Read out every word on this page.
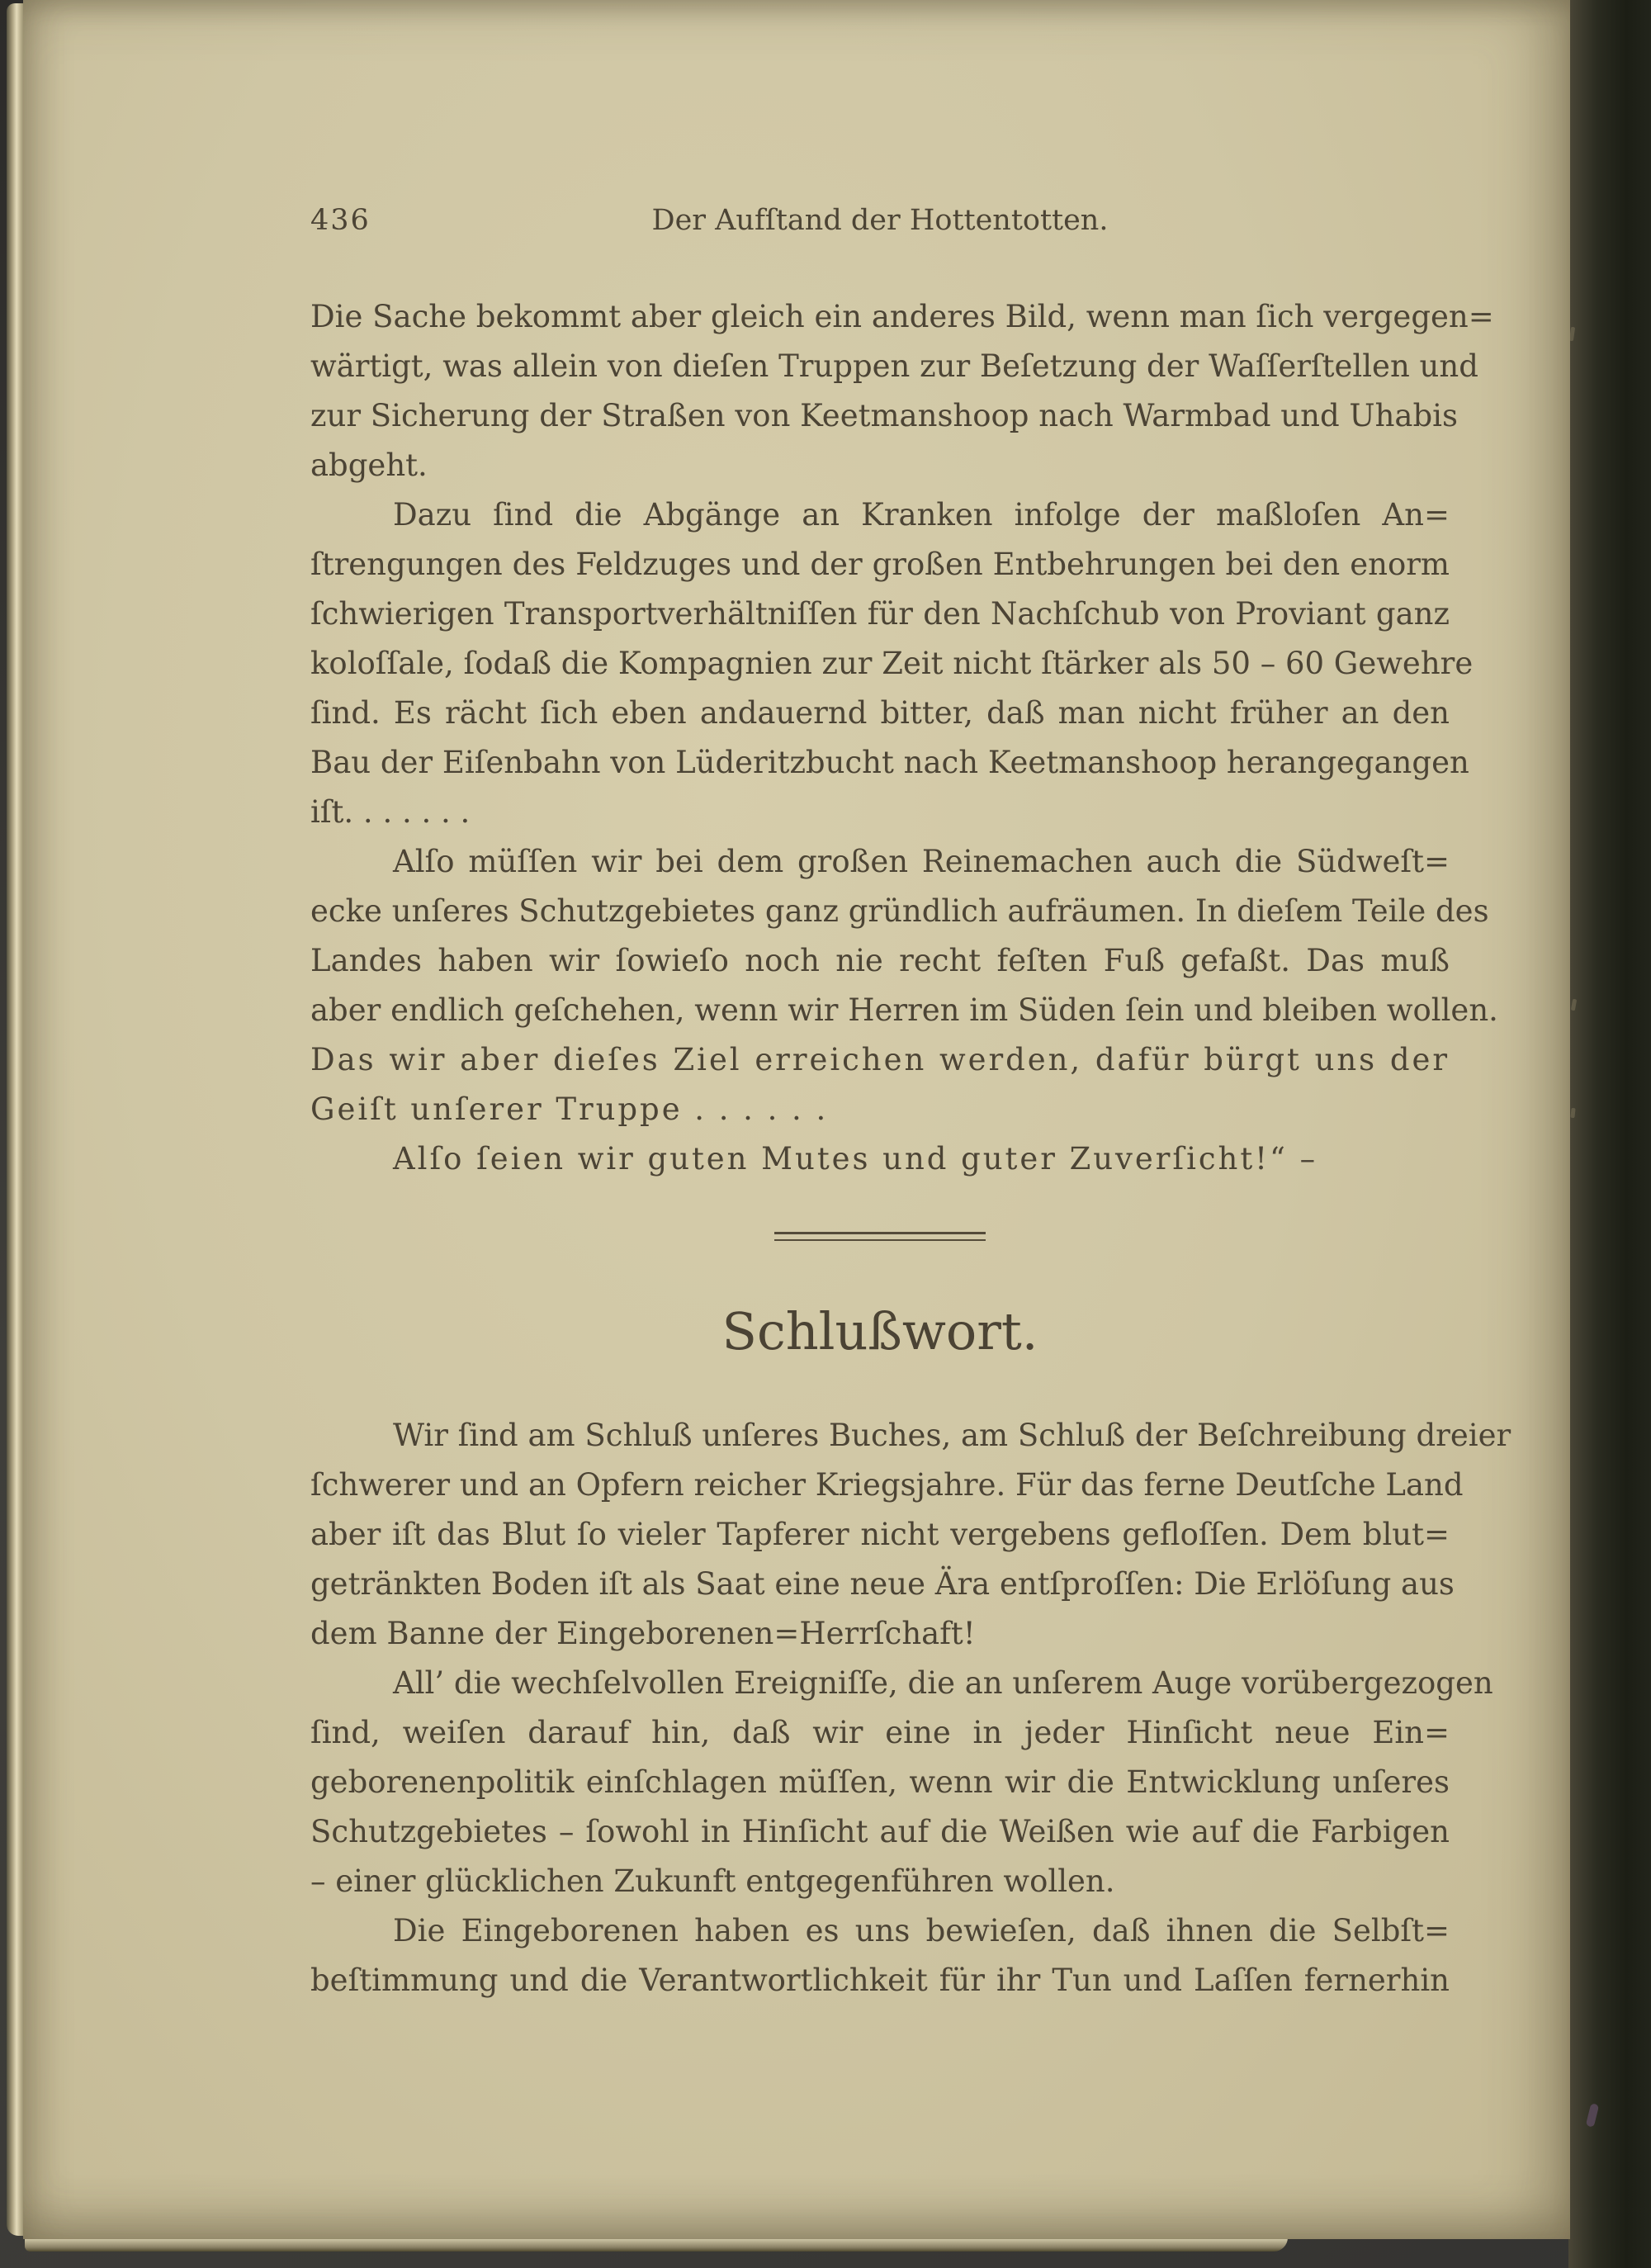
436	Der Aufſtand der Hottentotten.
Die Sache bekommt aber gleich ein anderes Bild, wenn man ſich vergegen=
wärtigt, was allein von dieſen Truppen zur Beſetzung der Waſſerſtellen und
zur Sicherung der Straßen von Keetmanshoop nach Warmbad und Uhabis
abgeht.
Dazu ſind die Abgänge an Kranken infolge der maßloſen An=
ſtrengungen des Feldzuges und der großen Entbehrungen bei den enorm
ſchwierigen Transportverhältniſſen für den Nachſchub von Proviant ganz
koloſſale, ſodaß die Kompagnien zur Zeit nicht ſtärker als 50 – 60 Gewehre
ſind. Es rächt ſich eben andauernd bitter, daß man nicht früher an den
Bau der Eiſenbahn von Lüderitzbucht nach Keetmanshoop herangegangen
iſt. . . . . . .
Alſo müſſen wir bei dem großen Reinemachen auch die Südweſt=
ecke unſeres Schutzgebietes ganz gründlich aufräumen. In dieſem Teile des
Landes haben wir ſowieſo noch nie recht feſten Fuß gefaßt. Das muß
aber endlich geſchehen, wenn wir Herren im Süden ſein und bleiben wollen.
Das wir aber dieſes Ziel erreichen werden, dafür bürgt uns der
Geiſt unſerer Truppe . . . . . .
Alſo ſeien wir guten Mutes und guter Zuverſicht!“ –
Schlußwort.
Wir ſind am Schluß unſeres Buches, am Schluß der Beſchreibung dreier
ſchwerer und an Opfern reicher Kriegsjahre. Für das ferne Deutſche Land
aber iſt das Blut ſo vieler Tapferer nicht vergebens gefloſſen. Dem blut=
getränkten Boden iſt als Saat eine neue Ära entſproſſen: Die Erlöſung aus
dem Banne der Eingeborenen=Herrſchaft!
All’ die wechſelvollen Ereigniſſe, die an unſerem Auge vorübergezogen
ſind, weiſen darauf hin, daß wir eine in jeder Hinſicht neue Ein=
geborenenpolitik einſchlagen müſſen, wenn wir die Entwicklung unſeres
Schutzgebietes – ſowohl in Hinſicht auf die Weißen wie auf die Farbigen
– einer glücklichen Zukunft entgegenführen wollen.
Die Eingeborenen haben es uns bewieſen, daß ihnen die Selbſt=
beſtimmung und die Verantwortlichkeit für ihr Tun und Laſſen fernerhin
